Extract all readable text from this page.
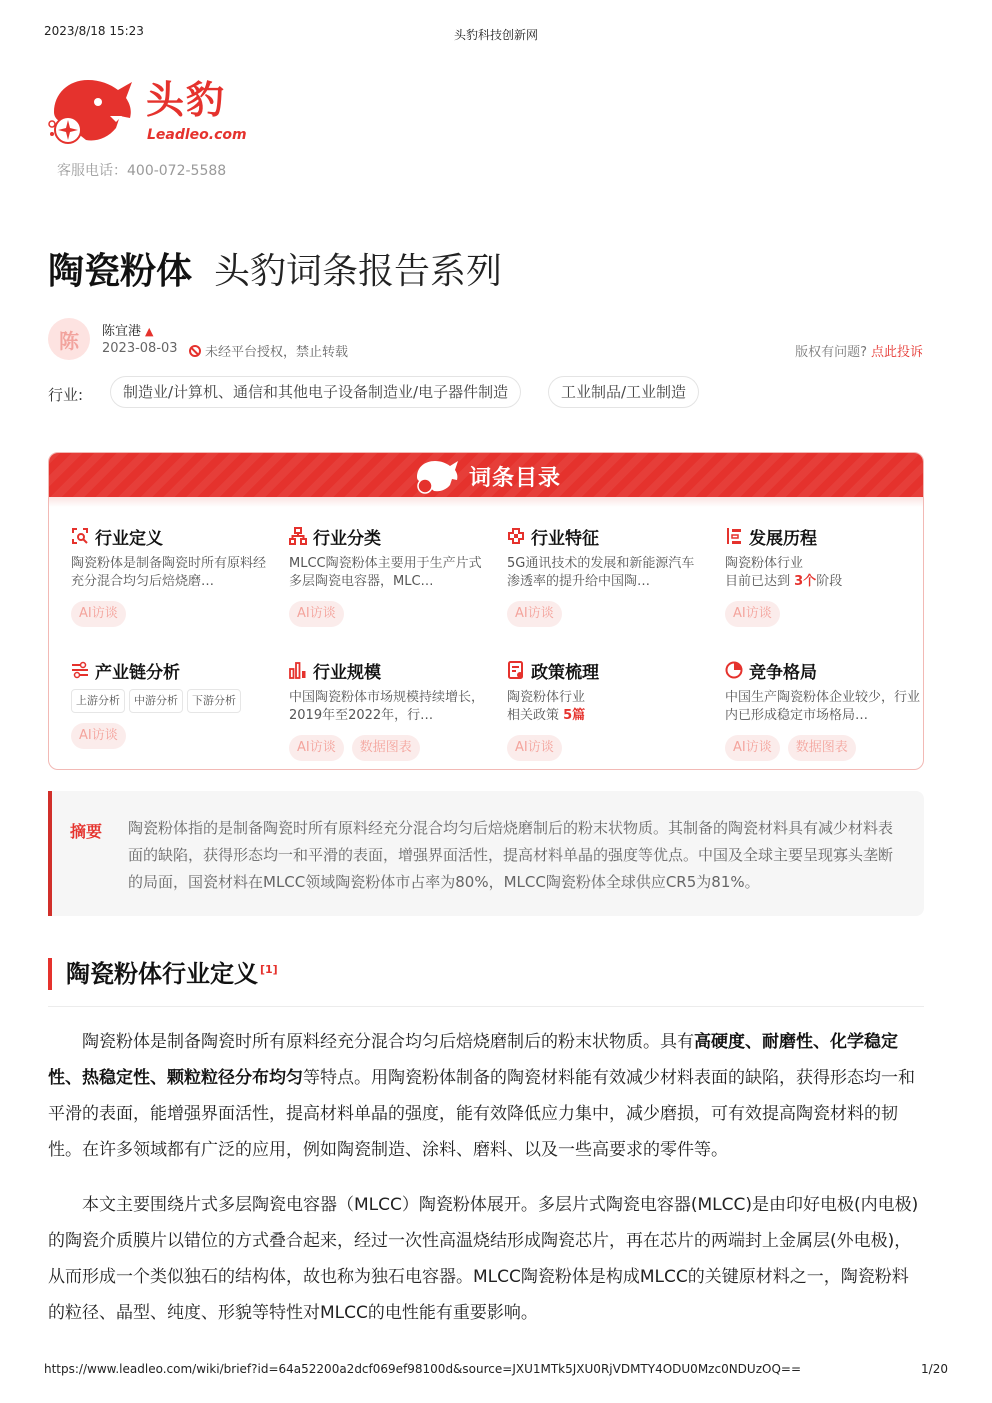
2023/8/18 15:23	头豹科技创新网
头豹
Leadleo.com
客服电话：400-072-5588
陶瓷粉体 头豹词条报告系列
陈	陈宜港 ▲
2023-08-03 未经平台授权，禁止转载	版权有问题? 点此投诉
行业:	制造业/计算机、通信和其他电子设备制造业/电子器件制造	工业制品/工业制造
词条目录
行业定义
陶瓷粉体是制备陶瓷时所有原料经充分混合均匀后焙烧磨…
AI访谈
行业分类
MLCC陶瓷粉体主要用于生产片式多层陶瓷电容器，MLC…
AI访谈
行业特征
5G通讯技术的发展和新能源汽车渗透率的提升给中国陶…
AI访谈
发展历程
陶瓷粉体行业
目前已达到 3个阶段
AI访谈
产业链分析
上游分析	中游分析	下游分析
AI访谈
行业规模
中国陶瓷粉体市场规模持续增长，2019年至2022年，行…
AI访谈 数据图表
政策梳理
陶瓷粉体行业
相关政策 5篇
AI访谈
竞争格局
中国生产陶瓷粉体企业较少，行业内已形成稳定市场格局…
AI访谈 数据图表
摘要 陶瓷粉体指的是制备陶瓷时所有原料经充分混合均匀后焙烧磨制后的粉末状物质。其制备的陶瓷材料具有减少材料表面的缺陷，获得形态均一和平滑的表面，增强界面活性，提高材料单晶的强度等优点。中国及全球主要呈现寡头垄断的局面，国瓷材料在MLCC领域陶瓷粉体市占率为80%，MLCC陶瓷粉体全球供应CR5为81%。

陶瓷粉体行业定义 [1]

陶瓷粉体是制备陶瓷时所有原料经充分混合均匀后焙烧磨制后的粉末状物质。具有高硬度、耐磨性、化学稳定性、热稳定性、颗粒粒径分布均匀等特点。用陶瓷粉体制备的陶瓷材料能有效减少材料表面的缺陷，获得形态均一和平滑的表面，能增强界面活性，提高材料单晶的强度，能有效降低应力集中，减少磨损，可有效提高陶瓷材料的韧性。在许多领域都有广泛的应用，例如陶瓷制造、涂料、磨料、以及一些高要求的零件等。

本文主要围绕片式多层陶瓷电容器（MLCC）陶瓷粉体展开。多层片式陶瓷电容器(MLCC)是由印好电极(内电极)的陶瓷介质膜片以错位的方式叠合起来，经过一次性高温烧结形成陶瓷芯片，再在芯片的两端封上金属层(外电极)，从而形成一个类似独石的结构体，故也称为独石电容器。MLCC陶瓷粉体是构成MLCC的关键原材料之一，陶瓷粉料的粒径、晶型、纯度、形貌等特性对MLCC的电性能有重要影响。

https://www.leadleo.com/wiki/brief?id=64a52200a2dcf069ef98100d&source=JXU1MTk5JXU0RjVDMTY4ODU0Mzc0NDUzOQ==	1/20
